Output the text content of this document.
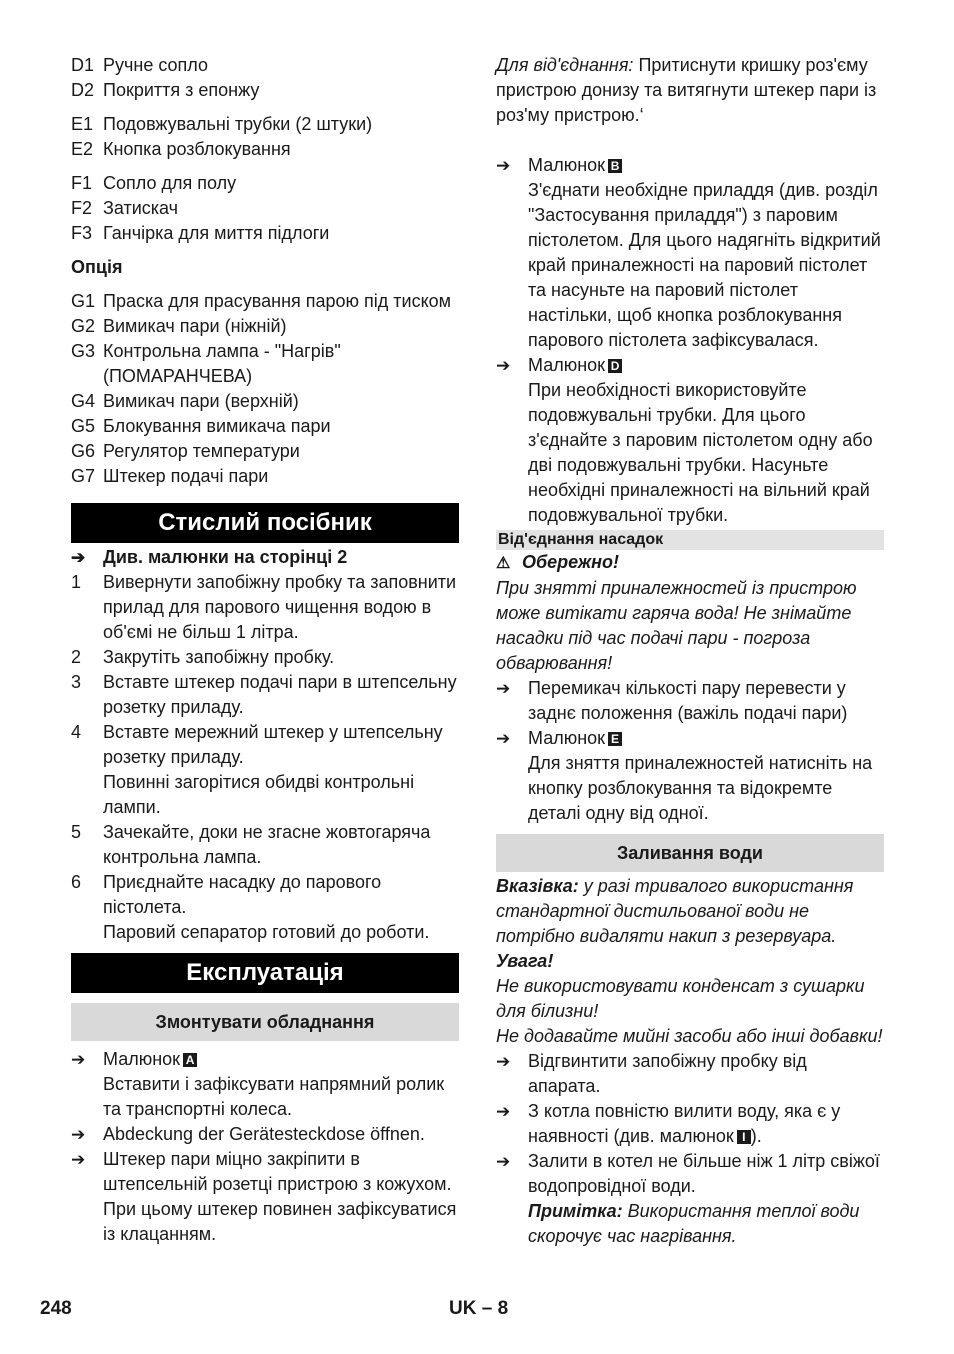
D1 Ручне сопло
D2 Покриття з епонжу
E1 Подовжувальні трубки (2 штуки)
E2 Кнопка розблокування
F1 Сопло для полу
F2 Затискач
F3 Ганчірка для миття підлоги
Опція
G1 Праска для прасування парою під тиском
G2 Вимикач пари (ніжній)
G3 Контрольна лампа - "Нагрів" (ПОМАРАНЧЕВА)
G4 Вимикач пари (верхній)
G5 Блокування вимикача пари
G6 Регулятор температури
G7 Штекер подачі пари
Стислий посібник
➔ Див. малюнки на сторінці 2
1	Вивернути запобіжну пробку та заповнити прилад для парового чищення водою в об'ємі не більш 1 літра.
2	Закрутіть запобіжну пробку.
3	Вставте штекер подачі пари в штепсельну розетку приладу.
4	Вставте мережний штекер у штепсельну розетку приладу.
Повинні загорітися обидві контрольні лампи.
5	Зачекайте, доки не згасне жовтогаряча контрольна лампа.
6	Приєднайте насадку до парового пістолета.
Паровий сепаратор готовий до роботи.
Експлуатація
Змонтувати обладнання
➔ Малюнок A
Вставити і зафіксувати напрямний ролик та транспортні колеса.
➔ Abdeckung der Gerätesteckdose öffnen.
➔ Штекер пари міцно закріпити в штепсельній розетці пристрою з кожухом.
При цьому штекер повинен зафіксуватися із клацанням.
Для від'єднання: Притиснути кришку роз'єму пристрою донизу та витягнути штекер пари із роз'му пристрою.‘
➔ Малюнок B
З'єднати необхідне приладдя (див. розділ "Застосування приладдя") з паровим пістолетом. Для цього надягніть відкритий край приналежності на паровий пістолет та насуньте на паровий пістолет настільки, щоб кнопка розблокування парового пістолета зафіксувалася.
➔ Малюнок D
При необхідності використовуйте подовжувальні трубки. Для цього з'єднайте з паровим пістолетом одну або дві подовжувальні трубки. Насуньте необхідні приналежності на вільний край подовжувальної трубки.
Від'єднання насадок
⚠ Обережно!
При знятті приналежностей із пристрою може витікати гаряча вода! Не знімайте насадки під час подачі пари - погроза обварювання!
➔ Перемикач кількості пару перевести у заднє положення (важіль подачі пари)
➔ Малюнок E
Для зняття приналежностей натисніть на кнопку розблокування та відокремте деталі одну від одної.
Заливання води
Вказівка: у разі тривалого використання стандартної дистильованої води не потрібно видаляти накип з резервуара.
Увага!
Не використовувати конденсат з сушарки для білизни!
Не додавайте мийні засоби або інші добавки!
➔ Відгвинтити запобіжну пробку від апарата.
➔ З котла повністю вилити воду, яка є у наявності (див. малюнок I ).
➔ Залити в котел не більше ніж 1 літр свіжої водопровідної води.
Примітка: Використання теплої води скорочує час нагрівання.
248	UK – 8
